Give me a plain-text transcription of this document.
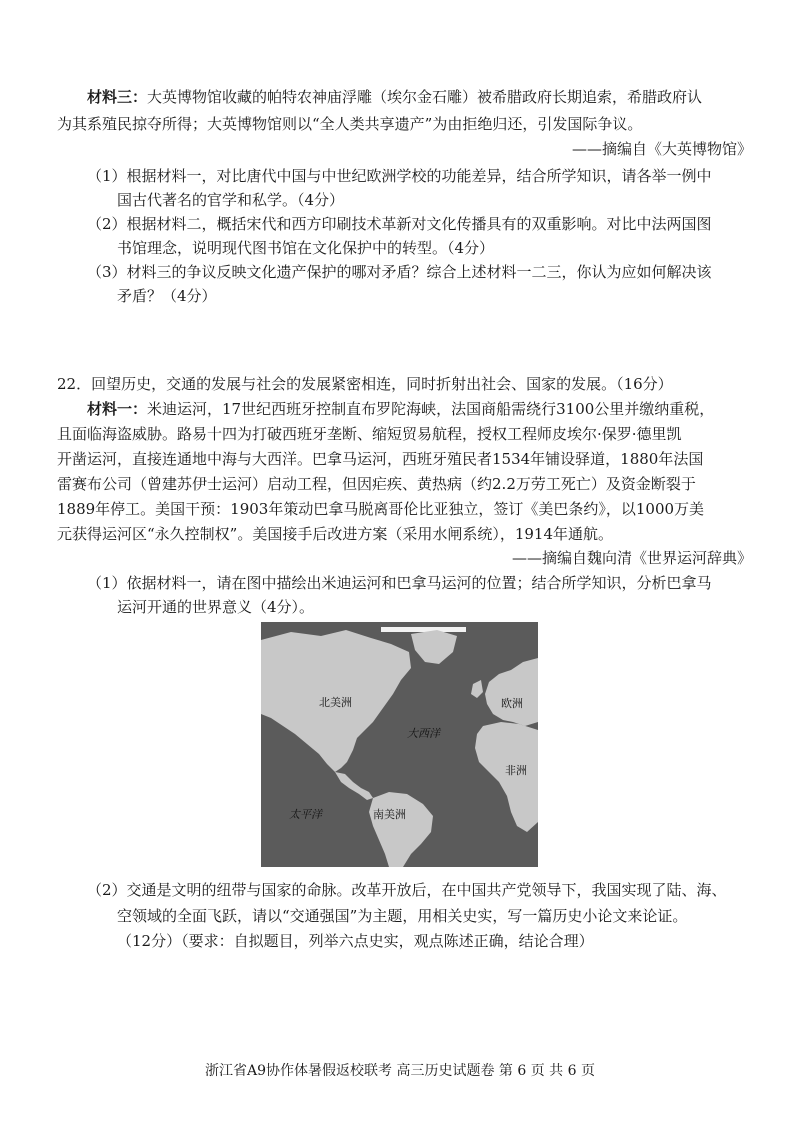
材料三：大英博物馆收藏的帕特农神庙浮雕（埃尔金石雕）被希腊政府长期追索，希腊政府认
为其系殖民掠夺所得；大英博物馆则以“全人类共享遗产”为由拒绝归还，引发国际争议。
——摘编自《大英博物馆》
（1）根据材料一，对比唐代中国与中世纪欧洲学校的功能差异，结合所学知识，请各举一例中
国古代著名的官学和私学。（4分）
（2）根据材料二，概括宋代和西方印刷技术革新对文化传播具有的双重影响。对比中法两国图
书馆理念，说明现代图书馆在文化保护中的转型。（4分）
（3）材料三的争议反映文化遗产保护的哪对矛盾？综合上述材料一二三，你认为应如何解决该
矛盾？（4分）
22．回望历史，交通的发展与社会的发展紧密相连，同时折射出社会、国家的发展。（16分）
材料一：米迪运河，17世纪西班牙控制直布罗陀海峡，法国商船需绕行3100公里并缴纳重税，
且面临海盗威胁。路易十四为打破西班牙垄断、缩短贸易航程，授权工程师皮埃尔·保罗·德里凯
开凿运河，直接连通地中海与大西洋。巴拿马运河，西班牙殖民者1534年铺设驿道，1880年法国
雷赛布公司（曾建苏伊士运河）启动工程，但因疟疾、黄热病（约2.2万劳工死亡）及资金断裂于
1889年停工。美国干预：1903年策动巴拿马脱离哥伦比亚独立，签订《美巴条约》，以1000万美
元获得运河区“永久控制权”。美国接手后改进方案（采用水闸系统），1914年通航。
——摘编自魏向清《世界运河辞典》
（1）依据材料一，请在图中描绘出米迪运河和巴拿马运河的位置；结合所学知识，分析巴拿马
运河开通的世界意义（4分）。
北美洲	欧洲
大西洋
非洲
南美洲
太平洋
（2）交通是文明的纽带与国家的命脉。改革开放后，在中国共产党领导下，我国实现了陆、海、
空领域的全面飞跃，请以“交通强国”为主题，用相关史实，写一篇历史小论文来论证。
（12分）（要求：自拟题目，列举六点史实，观点陈述正确，结论合理）
浙江省A9协作体暑假返校联考 高三历史试题卷 第 6 页 共 6 页
